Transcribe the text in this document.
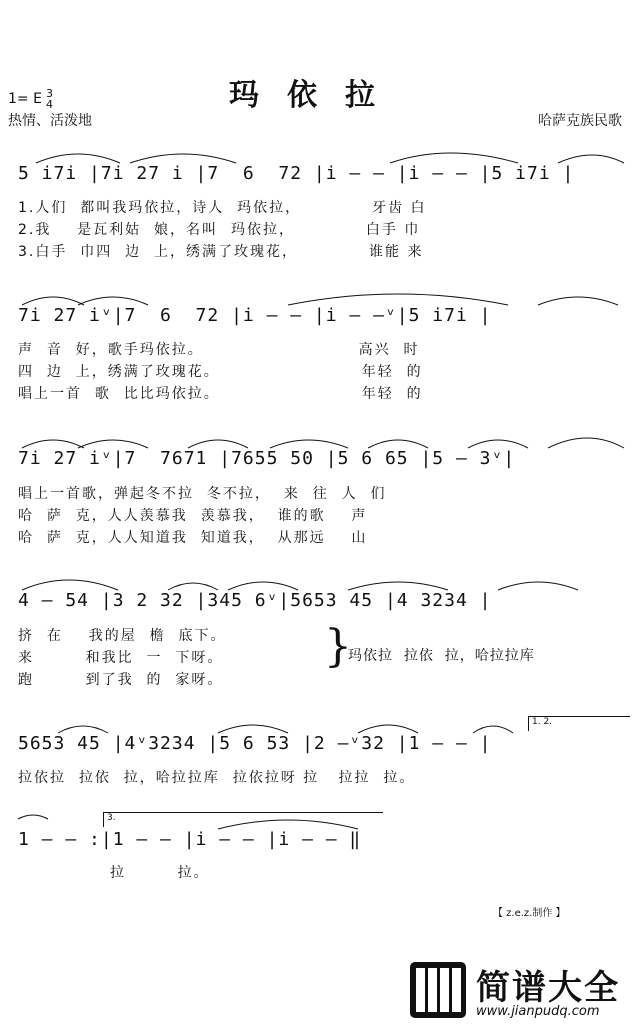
1= E 3
4
热情、活泼地
玛依拉
哈萨克族民歌
5 i7i |7i 27 i |7  6  72 |i – – |i – – |5 i7i |
1.人们  都叫我玛依拉，诗人  玛依拉，           牙齿 白
2.我    是瓦利姑  娘，名叫  玛依拉，           白手 巾
3.白手  巾四  边  上，绣满了玫瑰花，           谁能 来
7i 27 iᵛ|7  6  72 |i – – |i – –ᵛ|5 i7i |
声  音  好，歌手玛依拉。                        高兴  时
四  边  上，绣满了玫瑰花。                      年轻  的
唱上一首  歌  比比玛依拉。                      年轻  的
7i 27 iᵛ|7  7671 |7655 50 |5 6 65 |5 – 3ᵛ|
唱上一首歌，弹起冬不拉  冬不拉，  来  往  人  们
哈  萨  克，人人羡慕我  羡慕我，  谁的歌    声
哈  萨  克，人人知道我  知道我，  从那远    山
4 – 54 |3 2 32 |345 6ᵛ|5653 45 |4 3234 |
挤  在    我的屋  檐  底下。
来        和我比  一  下呀。
跑        到了我  的  家呀。
}
玛依拉  拉依  拉，哈拉拉库
1. 2.
5653 45 |4ᵛ3234 |5 6 53 |2 –ᵛ32 |1 – – |
拉依拉  拉依  拉，哈拉拉库  拉依拉呀 拉   拉拉  拉。
3.
1 – – :|1 – – |i – – |i – – ‖
拉        拉。
【 z.e.z.制作 】
简谱大全
www.jianpudq.com
